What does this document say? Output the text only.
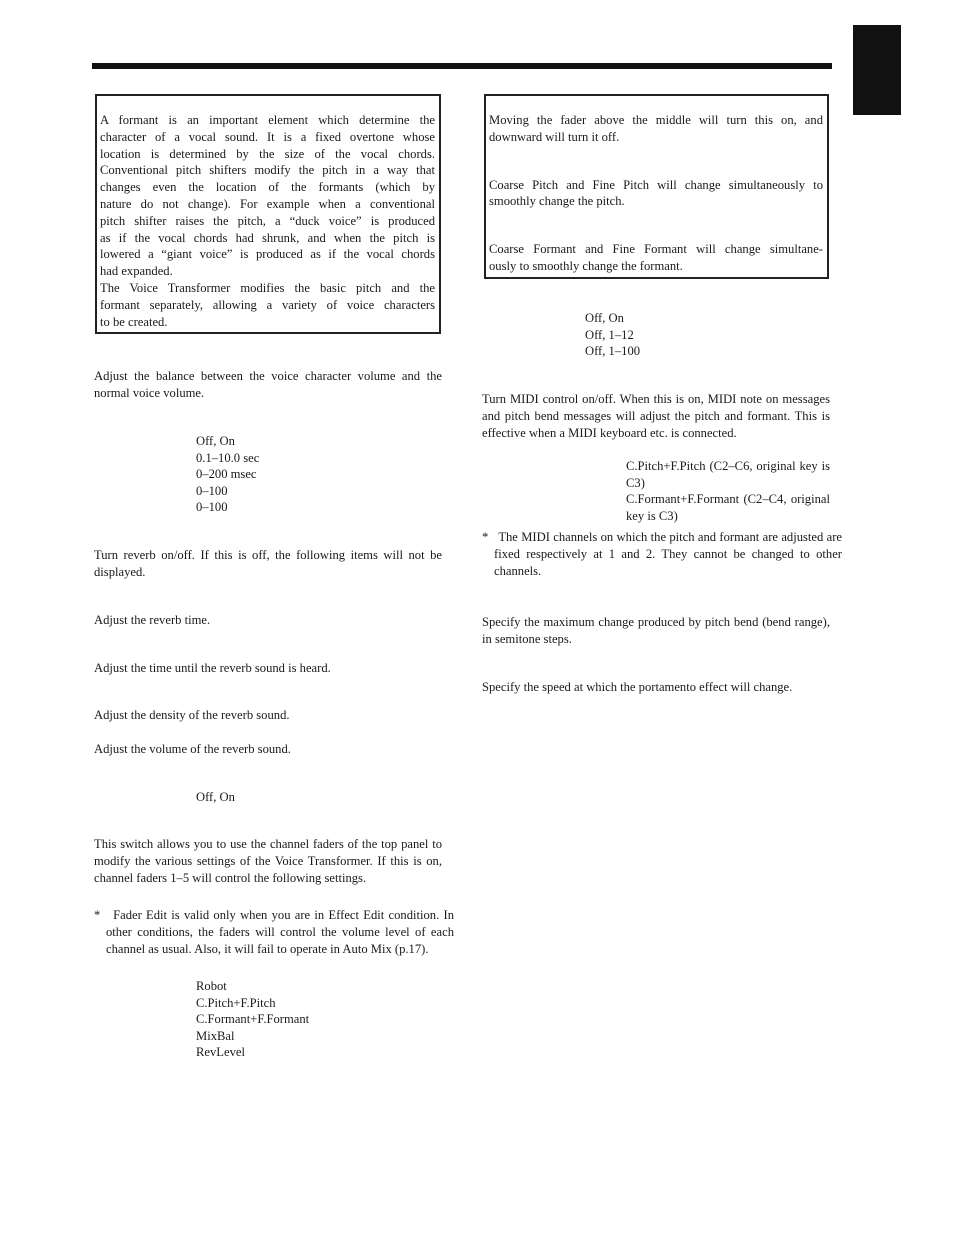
A formant is an important element which determine the
character of a vocal sound. It is a fixed overtone whose
location is determined by the size of the vocal chords.
Conventional pitch shifters modify the pitch in a way that
changes even the location of the formants (which by
nature do not change). For example when a conventional
pitch shifter raises the pitch, a “duck voice” is produced
as if the vocal chords had shrunk, and when the pitch is
lowered a “giant voice” is produced as if the vocal chords
had expanded.
The Voice Transformer modifies the basic pitch and the
formant separately, allowing a variety of voice characters
to be created.

Adjust the balance between the voice character volume and the normal voice volume.

Off, On
0.1–10.0 sec
0–200 msec
0–100
0–100

Turn reverb on/off. If this is off, the following items will not be displayed.

Adjust the reverb time.

Adjust the time until the reverb sound is heard.

Adjust the density of the reverb sound.

Adjust the volume of the reverb sound.

Off, On

This switch allows you to use the channel faders of the top panel to modify the various settings of the Voice Transformer. If this is on, channel faders 1–5 will control the following settings.

* Fader Edit is valid only when you are in Effect Edit condition. In other conditions, the faders will control the volume level of each channel as usual. Also, it will fail to operate in Auto Mix (p.17).
Robot
C.Pitch+F.Pitch
C.Formant+F.Formant
MixBal
RevLevel
Moving the fader above the middle will turn this on, and
downward will turn it off.
Coarse Pitch and Fine Pitch will change simultaneously to
smoothly change the pitch.
Coarse Formant and Fine Formant will change simultane-
ously to smoothly change the formant.
Off, On
Off, 1–12
Off, 1–100

Turn MIDI control on/off. When this is on, MIDI note on messages and pitch bend messages will adjust the pitch and formant. This is effective when a MIDI keyboard etc. is connected.

C.Pitch+F.Pitch (C2–C6, original key is C3)

C.Formant+F.Formant (C2–C4, original key is C3)

* The MIDI channels on which the pitch and formant are adjusted are fixed respectively at 1 and 2. They cannot be changed to other channels.

Specify the maximum change produced by pitch bend (bend range), in semitone steps.

Specify the speed at which the portamento effect will change.
